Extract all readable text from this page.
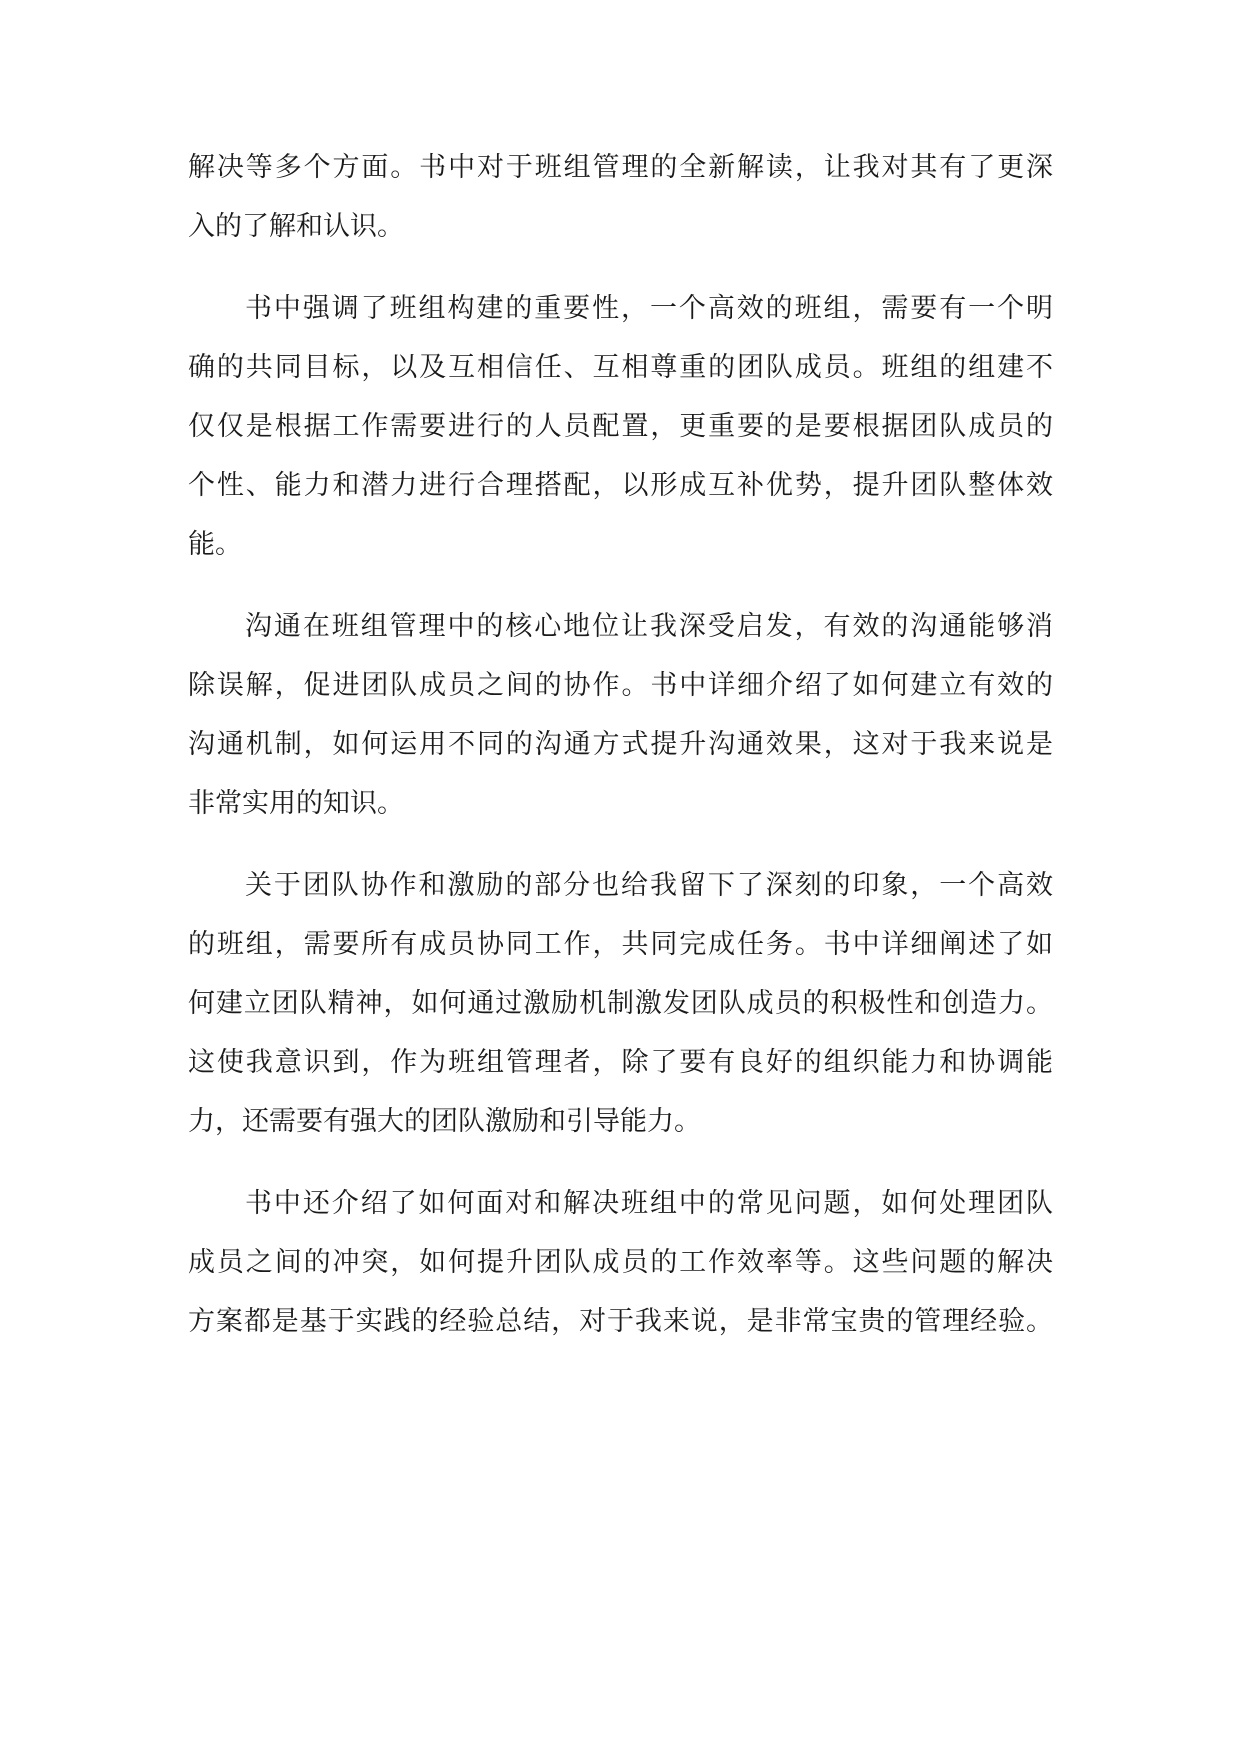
解决等多个方面。书中对于班组管理的全新解读，让我对其有了更深
入的了解和认识。
书中强调了班组构建的重要性，一个高效的班组，需要有一个明
确的共同目标，以及互相信任、互相尊重的团队成员。班组的组建不
仅仅是根据工作需要进行的人员配置，更重要的是要根据团队成员的
个性、能力和潜力进行合理搭配，以形成互补优势，提升团队整体效
能。
沟通在班组管理中的核心地位让我深受启发，有效的沟通能够消
除误解，促进团队成员之间的协作。书中详细介绍了如何建立有效的
沟通机制，如何运用不同的沟通方式提升沟通效果，这对于我来说是
非常实用的知识。
关于团队协作和激励的部分也给我留下了深刻的印象，一个高效
的班组，需要所有成员协同工作，共同完成任务。书中详细阐述了如
何建立团队精神，如何通过激励机制激发团队成员的积极性和创造力。
这使我意识到，作为班组管理者，除了要有良好的组织能力和协调能
力，还需要有强大的团队激励和引导能力。
书中还介绍了如何面对和解决班组中的常见问题，如何处理团队
成员之间的冲突，如何提升团队成员的工作效率等。这些问题的解决
方案都是基于实践的经验总结，对于我来说，是非常宝贵的管理经验。
